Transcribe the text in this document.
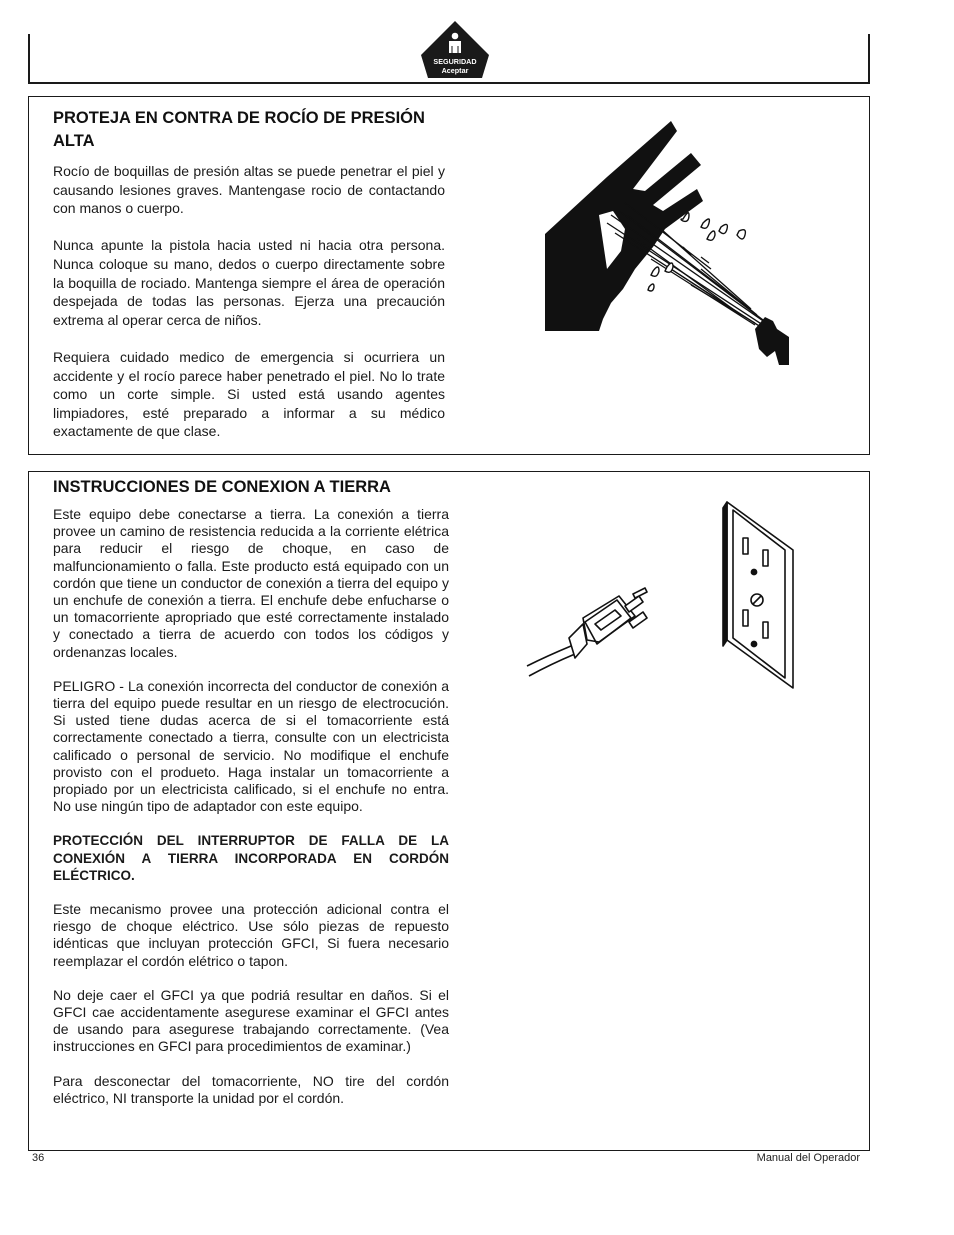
SEGURIDAD
Aceptar
PROTEJA EN CONTRA DE ROCÍO DE PRESIÓN ALTA

Rocío de boquillas de presión altas se puede penetrar el piel y causando lesiones graves. Mantengase rocio de contactando con manos o cuerpo.

Nunca apunte la pistola hacia usted ni hacia otra persona. Nunca coloque su mano, dedos o cuerpo directamente sobre la boquilla de rociado. Mantenga siempre el área de operación despejada de todas las personas. Ejerza una precaución extrema al operar cerca de niños.

Requiera cuidado medico de emergencia si ocurriera un accidente y el rocío parece haber penetrado el piel. No lo trate como un corte simple. Si usted está usando agentes limpiadores, esté preparado a informar a su médico exactamente de que clase.

INSTRUCCIONES DE CONEXION A TIERRA

Este equipo debe conectarse a tierra. La conexión a tierra provee un camino de resistencia reducida a la corriente elétrica para reducir el riesgo de choque, en caso de malfuncionamiento o falla. Este producto está equipado con un cordón que tiene un conductor de conexión a tierra del equipo y un enchufe de conexión a tierra. El enchufe debe enfucharse o un tomacorriente apropriado que esté correctamente instalado y conectado a tierra de acuerdo con todos los códigos y ordenanzas locales.

PELIGRO - La conexión incorrecta del conductor de conexión a tierra del equipo puede resultar en un riesgo de electrocución. Si usted tiene dudas acerca de si el tomacorriente está correctamente conectado a tierra, consulte con un electricista calificado o personal de servicio. No modifique el enchufe provisto con el produeto. Haga instalar un tomacorriente a propiado por un electricista calificado, si el enchufe no entra. No use ningún tipo de adaptador con este equipo.

PROTECCIÓN DEL INTERRUPTOR DE FALLA DE LA CONEXIÓN A TIERRA INCORPORADA EN CORDÓN ELÉCTRICO.

Este mecanismo provee una protección adicional contra el riesgo de choque eléctrico. Use sólo piezas de repuesto idénticas que incluyan protección GFCI, Si fuera necesario reemplazar el cordón elétrico o tapon.

No deje caer el GFCI ya que podriá resultar en daños. Si el GFCI cae accidentamente asegurese examinar el GFCI antes de usando para asegurese trabajando correctamente. (Vea instrucciones en GFCI para procedimientos de examinar.)

Para desconectar del tomacorriente, NO tire del cordón eléctrico, NI transporte la unidad por el cordón.

36	Manual del Operador
